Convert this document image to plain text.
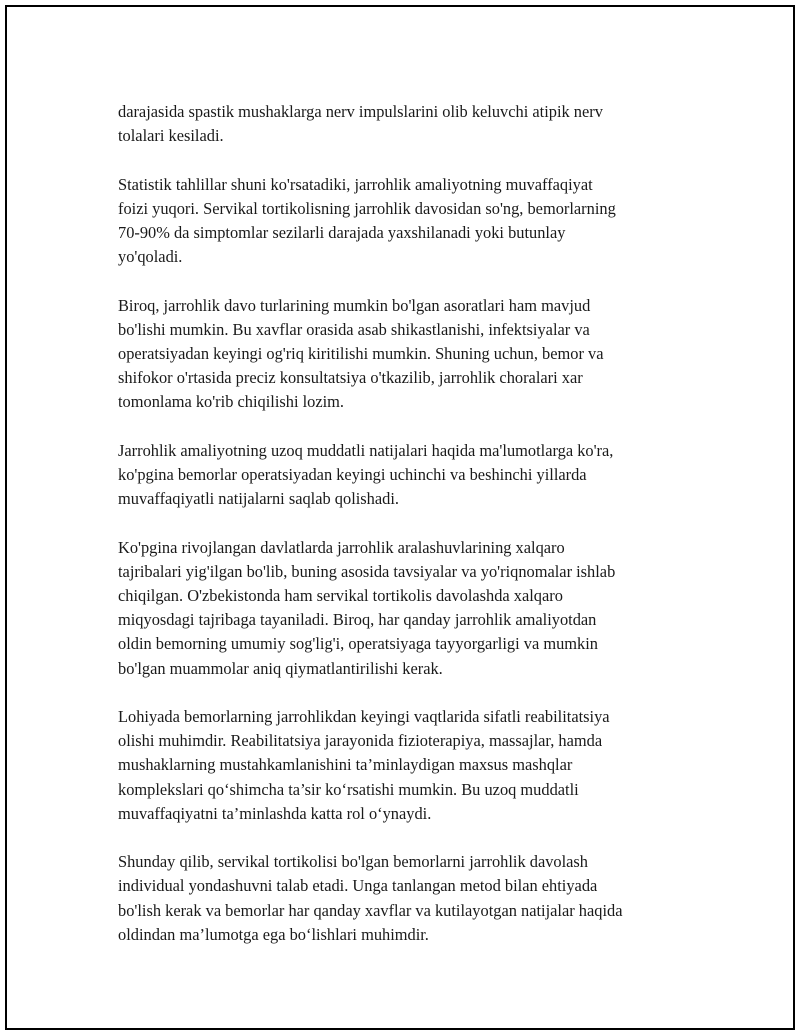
darajasida spastik mushaklarga nerv impulslarini olib keluvchi atipik nerv
tolalari kesiladi.

Statistik tahlillar shuni ko'rsatadiki, jarrohlik amaliyotning muvaffaqiyat
foizi yuqori. Servikal tortikolisning jarrohlik davosidan so'ng, bemorlarning
70-90% da simptomlar sezilarli darajada yaxshilanadi yoki butunlay
yo'qoladi.

Biroq, jarrohlik davo turlarining mumkin bo'lgan asoratlari ham mavjud
bo'lishi mumkin. Bu xavflar orasida asab shikastlanishi, infektsiyalar va
operatsiyadan keyingi og'riq kiritilishi mumkin. Shuning uchun, bemor va
shifokor o'rtasida preciz konsultatsiya o'tkazilib, jarrohlik choralari xar
tomonlama ko'rib chiqilishi lozim.

Jarrohlik amaliyotning uzoq muddatli natijalari haqida ma'lumotlarga ko'ra,
ko'pgina bemorlar operatsiyadan keyingi uchinchi va beshinchi yillarda
muvaffaqiyatli natijalarni saqlab qolishadi.

Ko'pgina rivojlangan davlatlarda jarrohlik aralashuvlarining xalqaro
tajribalari yig'ilgan bo'lib, buning asosida tavsiyalar va yo'riqnomalar ishlab
chiqilgan. O'zbekistonda ham servikal tortikolis davolashda xalqaro
miqyosdagi tajribaga tayaniladi. Biroq, har qanday jarrohlik amaliyotdan
oldin bemorning umumiy sog'lig'i, operatsiyaga tayyorgarligi va mumkin
bo'lgan muammolar aniq qiymatlantirilishi kerak.

Lohiyada bemorlarning jarrohlikdan keyingi vaqtlarida sifatli reabilitatsiya
olishi muhimdir. Reabilitatsiya jarayonida fizioterapiya, massajlar, hamda
mushaklarning mustahkamlanishini ta’minlaydigan maxsus mashqlar
komplekslari qo‘shimcha ta’sir ko‘rsatishi mumkin. Bu uzoq muddatli
muvaffaqiyatni ta’minlashda katta rol o‘ynaydi.

Shunday qilib, servikal tortikolisi bo'lgan bemorlarni jarrohlik davolash
individual yondashuvni talab etadi. Unga tanlangan metod bilan ehtiyada
bo'lish kerak va bemorlar har qanday xavflar va kutilayotgan natijalar haqida
oldindan ma’lumotga ega bo‘lishlari muhimdir.
